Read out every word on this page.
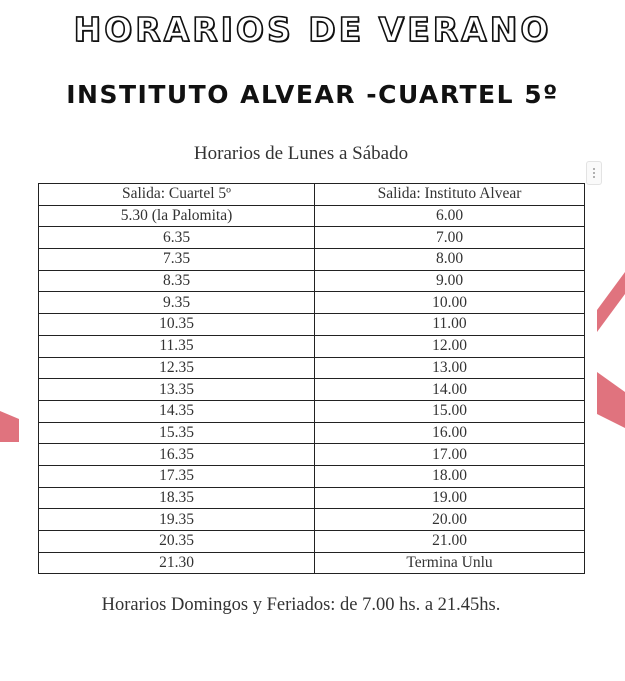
HORARIOS DE VERANO
INSTITUTO ALVEAR -CUARTEL 5º
Horarios de Lunes a Sábado
Salida: Cuartel 5º	Salida: Instituto Alvear
5.30 (la Palomita)	6.00
6.35	7.00
7.35	8.00
8.35	9.00
9.35	10.00
10.35	11.00
11.35	12.00
12.35	13.00
13.35	14.00
14.35	15.00
15.35	16.00
16.35	17.00
17.35	18.00
18.35	19.00
19.35	20.00
20.35	21.00
21.30	Termina Unlu
Horarios Domingos y Feriados: de 7.00 hs. a 21.45hs.
